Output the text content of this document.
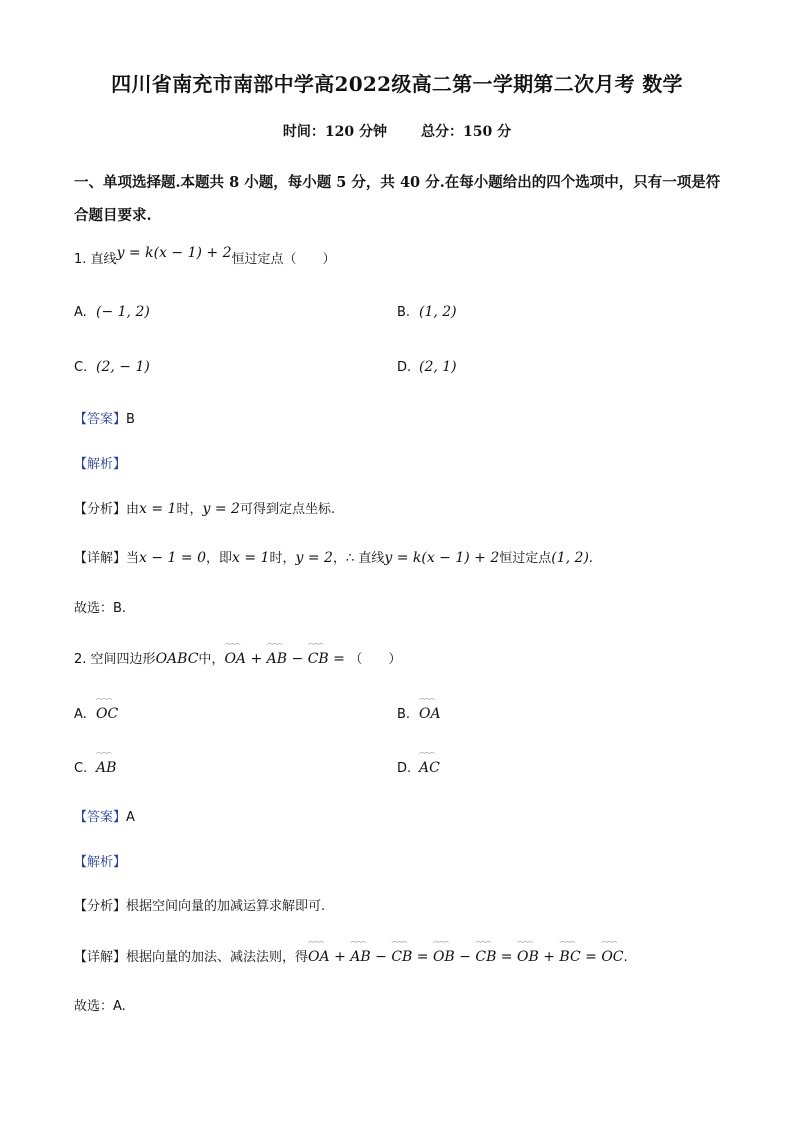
四川省南充市南部中学高2022级高二第一学期第二次月考 数学
时间：120 分钟 总分：150 分
一、单项选择题.本题共 8 小题，每小题 5 分，共 40 分.在每小题给出的四个选项中，只有一项是符合题目要求.
1. 直线y = k(x − 1) + 2恒过定点（　　）
A. (− 1, 2)	B. (1, 2)
C. (2, − 1)	D. (2, 1)
【答案】B
【解析】
【分析】由x = 1时，y = 2可得到定点坐标.
【详解】当x − 1 = 0，即x = 1时，y = 2，∴ 直线y = k(x − 1) + 2恒过定点(1, 2).
故选：B.
2. 空间四边形OABC中，⌒⌒⌒ OA + ⌒⌒⌒ AB − ⌒⌒⌒ CB = （　　）
A. ⌒⌒⌒ OC	B. ⌒⌒⌒ OA
C. ⌒⌒⌒ AB	D. ⌒⌒⌒ AC
【答案】A
【解析】
【分析】根据空间向量的加减运算求解即可.
【详解】根据向量的加法、减法法则，得⌒⌒⌒ OA + ⌒⌒⌒ AB − ⌒⌒⌒ CB = ⌒⌒⌒ OB − ⌒⌒⌒ CB = ⌒⌒⌒ OB + ⌒⌒⌒ BC = ⌒⌒⌒ OC.
故选：A.
